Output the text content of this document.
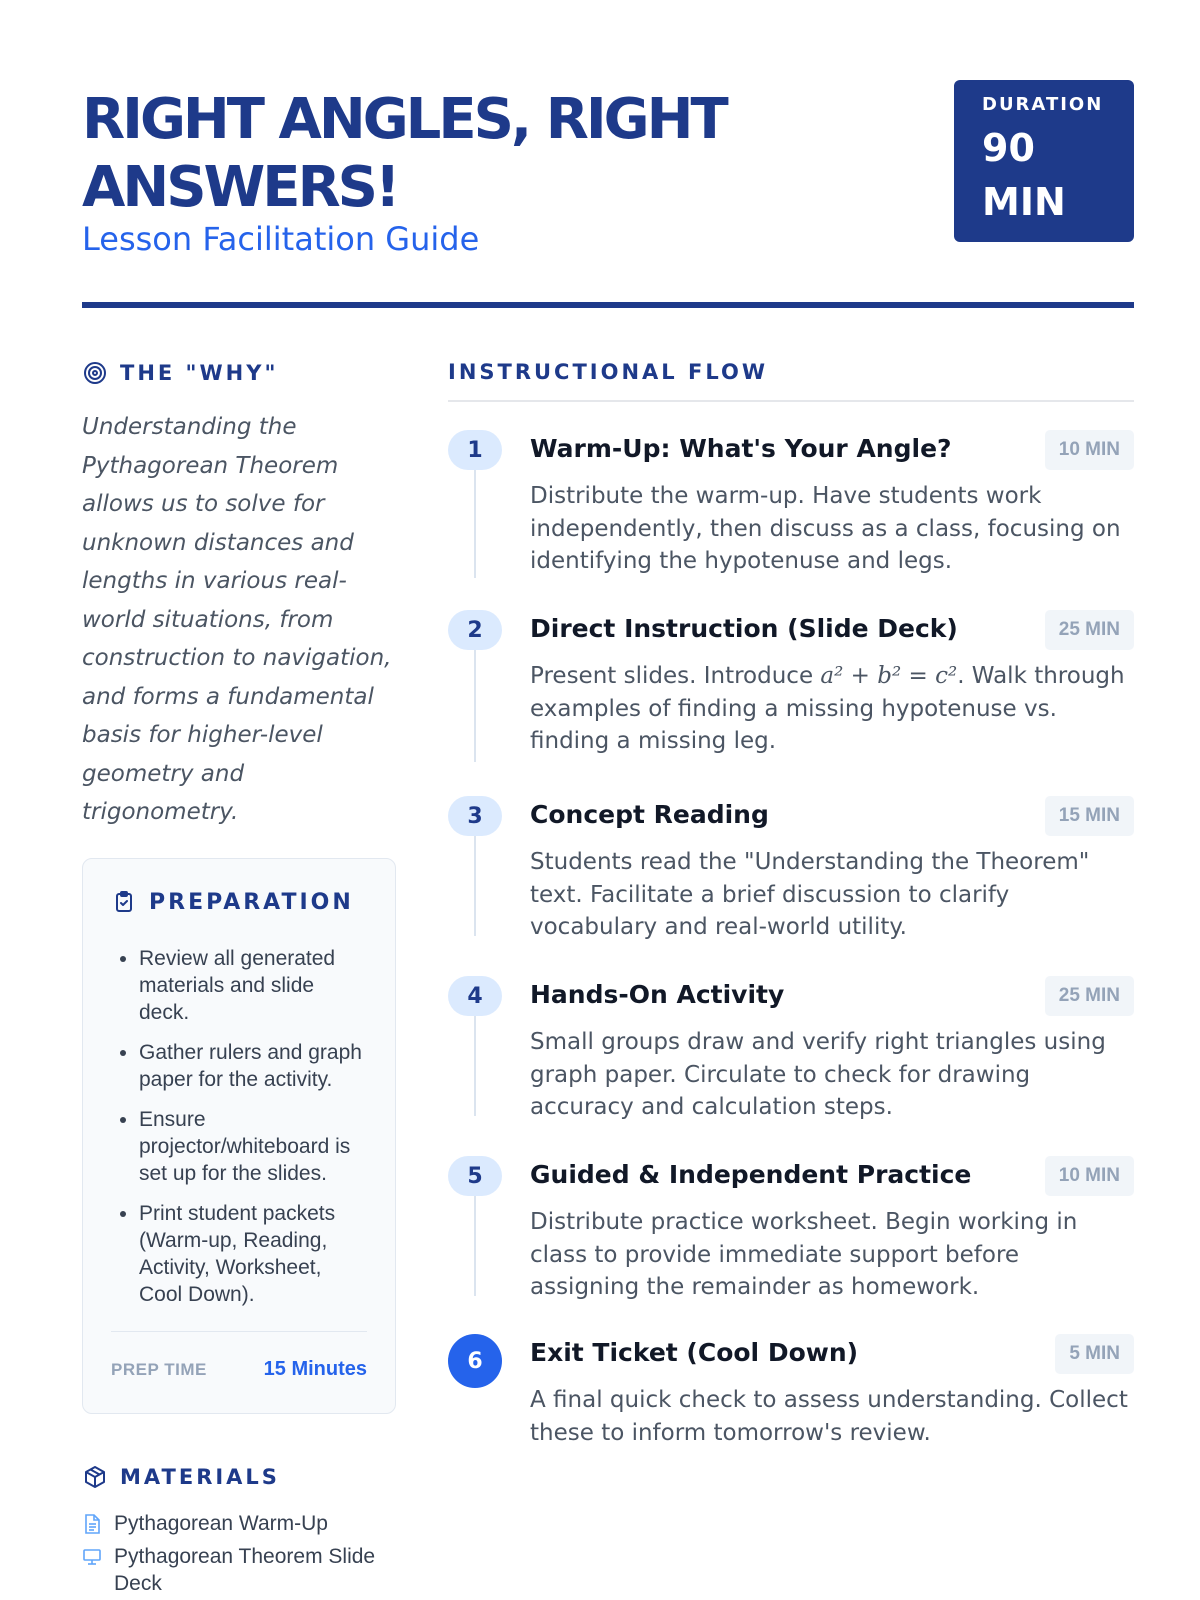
RIGHT ANGLES, RIGHT ANSWERS!
Lesson Facilitation Guide
DURATION
90 MIN
THE "WHY"

Understanding the Pythagorean Theorem allows us to solve for unknown distances and lengths in various real-world situations, from construction to navigation, and forms a fundamental basis for higher-level geometry and trigonometry.

PREPARATION
• Review all generated materials and slide deck.
• Gather rulers and graph paper for the activity.
• Ensure projector/whiteboard is set up for the slides.
• Print student packets (Warm-up, Reading, Activity, Worksheet, Cool Down).
PREP TIME	15 Minutes
MATERIALS
Pythagorean Warm-Up
Pythagorean Theorem Slide Deck
INSTRUCTIONAL FLOW
1	Warm-Up: What's Your Angle?	10 MIN
Distribute the warm-up. Have students work independently, then discuss as a class, focusing on identifying the hypotenuse and legs.
2	Direct Instruction (Slide Deck)	25 MIN
Present slides. Introduce a² + b² = c². Walk through examples of finding a missing hypotenuse vs. finding a missing leg.
3	Concept Reading	15 MIN
Students read the "Understanding the Theorem" text. Facilitate a brief discussion to clarify vocabulary and real-world utility.
4	Hands-On Activity	25 MIN
Small groups draw and verify right triangles using graph paper. Circulate to check for drawing accuracy and calculation steps.
5	Guided & Independent Practice	10 MIN
Distribute practice worksheet. Begin working in class to provide immediate support before assigning the remainder as homework.
6	Exit Ticket (Cool Down)	5 MIN
A final quick check to assess understanding. Collect these to inform tomorrow's review.
